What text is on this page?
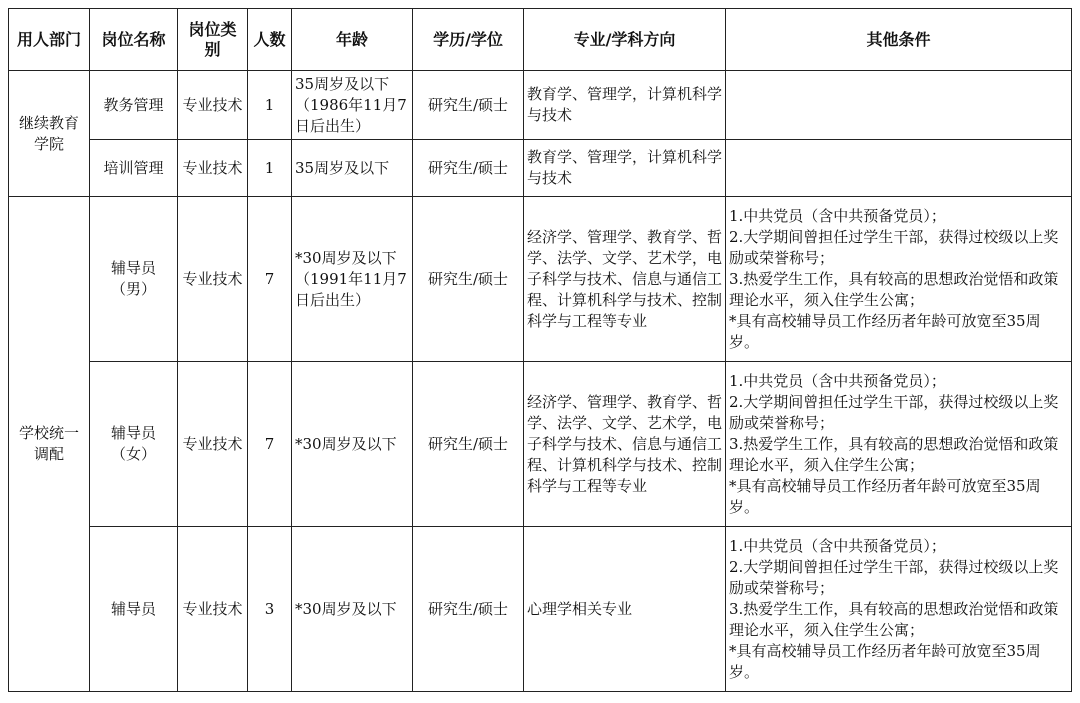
用人部门	岗位名称	岗位类别	人数	年龄	学历/学位	专业/学科方向	其他条件
继续教育学院	教务管理	专业技术	1	35周岁及以下（1986年11月7日后出生）	研究生/硕士	教育学、管理学，计算机科学与技术	
	培训管理	专业技术	1	35周岁及以下	研究生/硕士	教育学、管理学，计算机科学与技术	
学校统一调配	辅导员（男）	专业技术	7	*30周岁及以下（1991年11月7日后出生）	研究生/硕士	经济学、管理学、教育学、哲学、法学、文学、艺术学，电子科学与技术、信息与通信工程、计算机科学与技术、控制科学与工程等专业	1.中共党员（含中共预备党员）；
2.大学期间曾担任过学生干部，获得过校级以上奖励或荣誉称号；
3.热爱学生工作，具有较高的思想政治觉悟和政策理论水平，须入住学生公寓；
*具有高校辅导员工作经历者年龄可放宽至35周岁。

	辅导员（女）	专业技术	7	*30周岁及以下	研究生/硕士	经济学、管理学、教育学、哲学、法学、文学、艺术学，电子科学与技术、信息与通信工程、计算机科学与技术、控制科学与工程等专业	1.中共党员（含中共预备党员）；
2.大学期间曾担任过学生干部，获得过校级以上奖励或荣誉称号；
3.热爱学生工作，具有较高的思想政治觉悟和政策理论水平，须入住学生公寓；
*具有高校辅导员工作经历者年龄可放宽至35周岁。

	辅导员	专业技术	3	*30周岁及以下	研究生/硕士	心理学相关专业	1.中共党员（含中共预备党员）；
2.大学期间曾担任过学生干部，获得过校级以上奖励或荣誉称号；
3.热爱学生工作，具有较高的思想政治觉悟和政策理论水平，须入住学生公寓；
*具有高校辅导员工作经历者年龄可放宽至35周岁。
